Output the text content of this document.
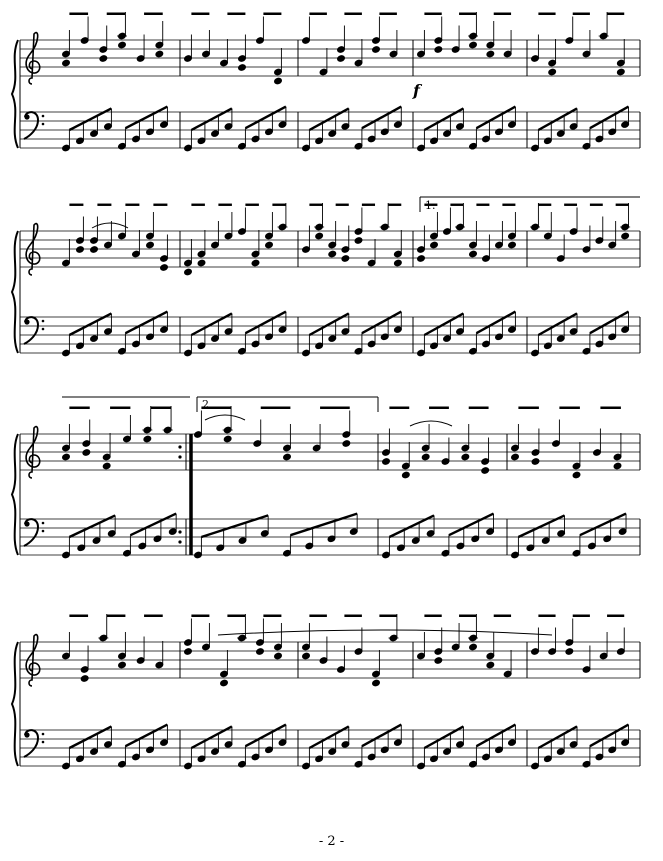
f
1.
2.
- 2 -
